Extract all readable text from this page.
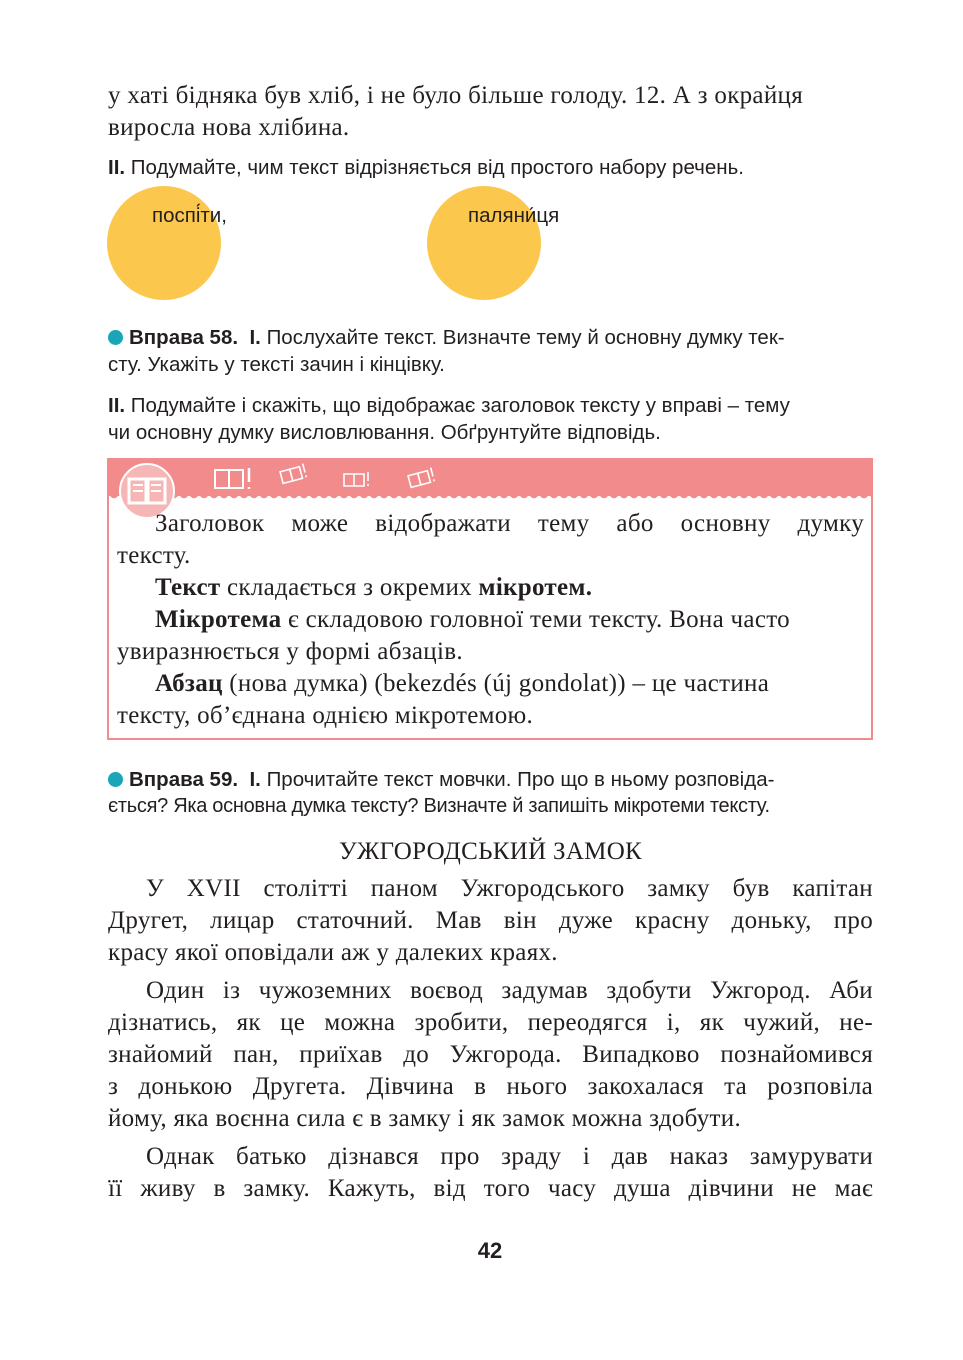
у хаті бідняка був хліб, і не було більше голоду. 12. А з окрайця
виросла нова хлібина.
II. Подумайте, чим текст відрізняється від простого набору речень.
поспі́ти,	паляни́ця
Вправа 58. I. Послухайте текст. Визначте тему й основну думку тек-
сту. Укажіть у тексті зачин і кінцівку.
II. Подумайте і скажіть, що відображає заголовок тексту у вправі – тему
чи основну думку висловлювання. Обґрунтуйте відповідь.
Заголовок може відображати тему або основну думку
тексту.
Текст складається з окремих мікротем.
Мікротема є складовою головної теми тексту. Вона часто
увиразнюється у формі абзаців.
Абзац (нова думка) (bekezdés (új gondolat)) – це частина
тексту, об’єднана однією мікротемою.
Вправа 59. I. Прочитайте текст мовчки. Про що в ньому розповіда-
ється? Яка основна думка тексту? Визначте й запишіть мікротеми тексту.
УЖГОРОДСЬКИЙ ЗАМОК
У XVII столітті паном Ужгородського замку був капітан
Другет, лицар статочний. Мав він дуже красну доньку, про
красу якої оповідали аж у далеких краях.
Один із чужоземних воєвод задумав здобути Ужгород. Аби
дізнатись, як це можна зробити, переодягся і, як чужий, не-
знайомий пан, приїхав до Ужгорода. Випадково познайомився
з донькою Другета. Дівчина в нього закохалася та розповіла
йому, яка воєнна сила є в замку і як замок можна здобути.
Однак батько дізнався про зраду і дав наказ замурувати
її живу в замку. Кажуть, від того часу душа дівчини не має
42
